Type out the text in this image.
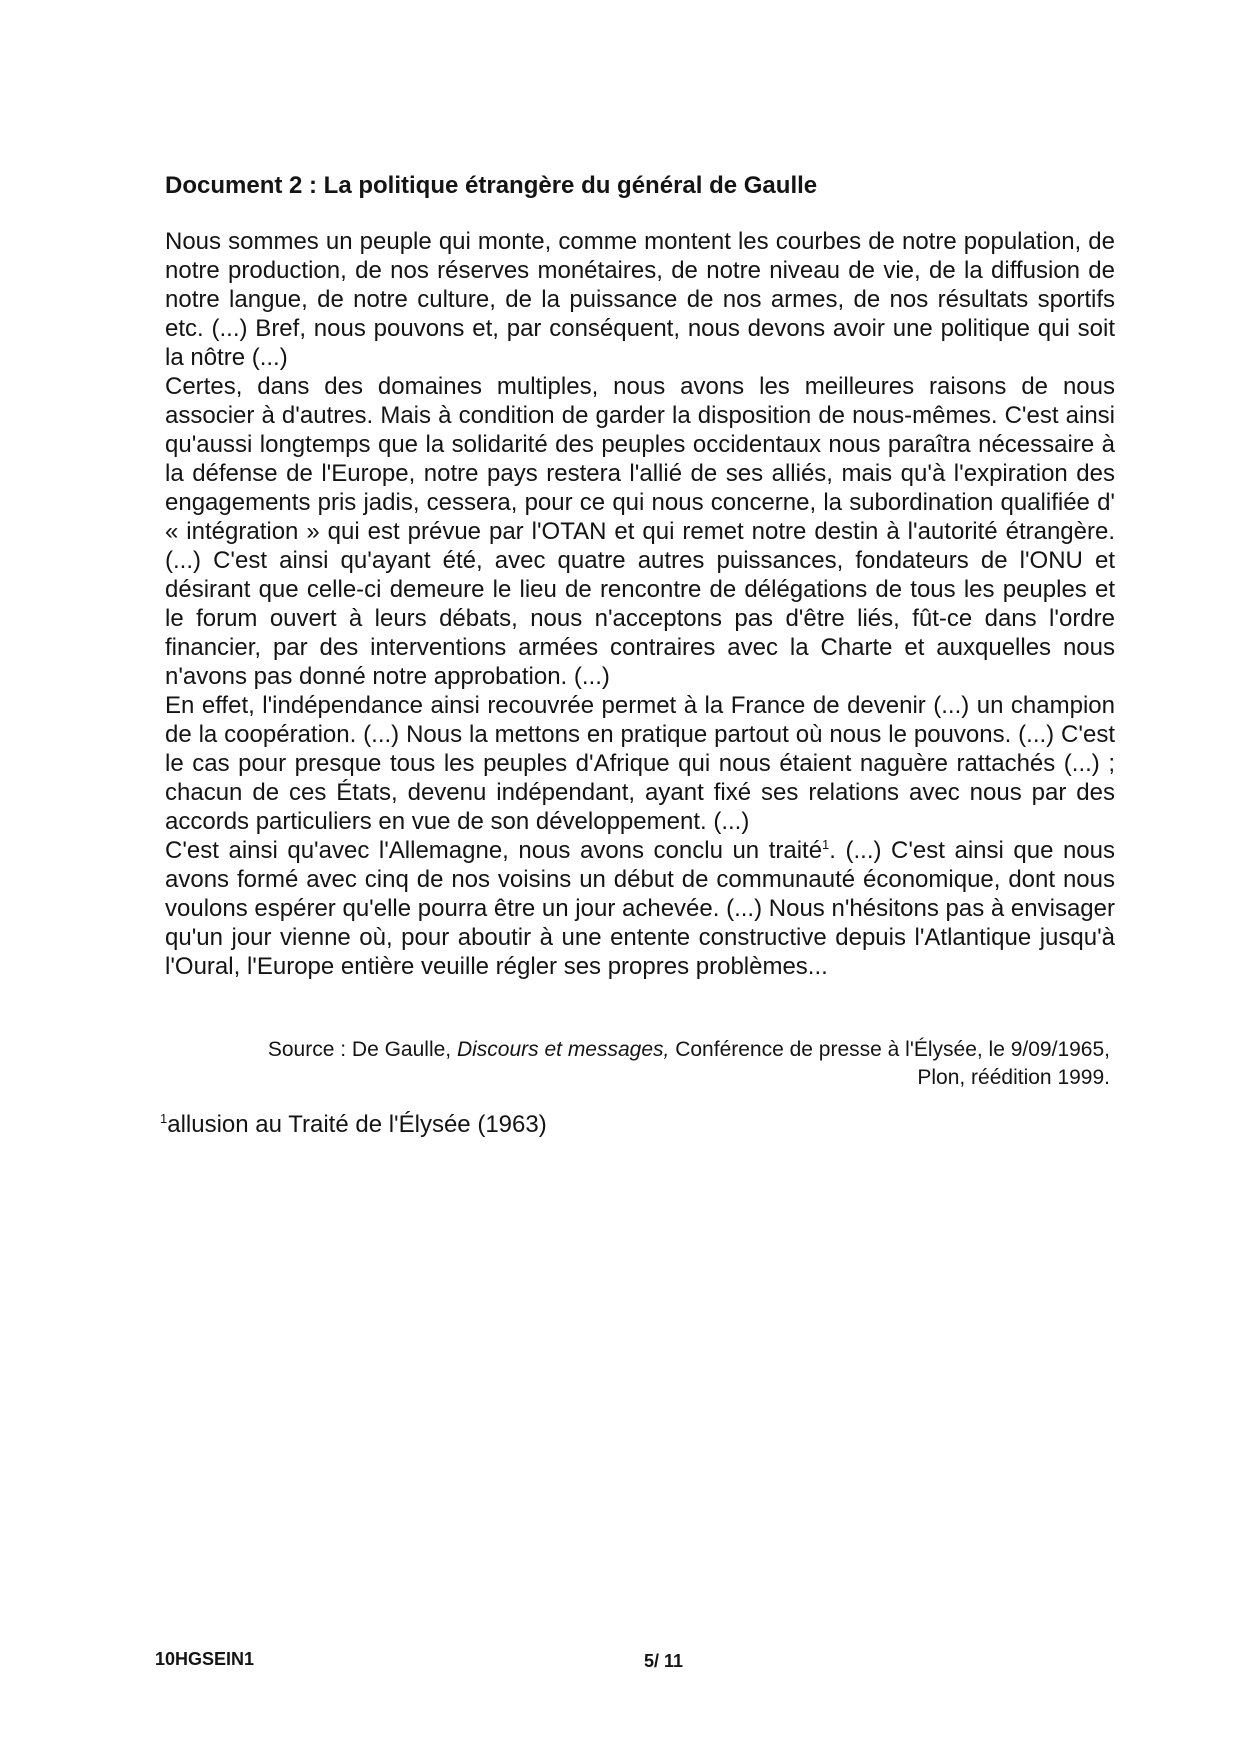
Document 2 : La politique étrangère du général de Gaulle

Nous sommes un peuple qui monte, comme montent les courbes de notre population, de notre production, de nos réserves monétaires, de notre niveau de vie, de la diffusion de notre langue, de notre culture, de la puissance de nos armes, de nos résultats sportifs etc. (...) Bref, nous pouvons et, par conséquent, nous devons avoir une politique qui soit la nôtre (...)

Certes, dans des domaines multiples, nous avons les meilleures raisons de nous associer à d'autres. Mais à condition de garder la disposition de nous-mêmes. C'est ainsi qu'aussi longtemps que la solidarité des peuples occidentaux nous paraîtra nécessaire à la défense de l'Europe, notre pays restera l'allié de ses alliés, mais qu'à l'expiration des engagements pris jadis, cessera, pour ce qui nous concerne, la subordination qualifiée d' « intégration » qui est prévue par l'OTAN et qui remet notre destin à l'autorité étrangère. (...) C'est ainsi qu'ayant été, avec quatre autres puissances, fondateurs de l'ONU et désirant que celle-ci demeure le lieu de rencontre de délégations de tous les peuples et le forum ouvert à leurs débats, nous n'acceptons pas d'être liés, fût-ce dans l'ordre financier, par des interventions armées contraires avec la Charte et auxquelles nous n'avons pas donné notre approbation. (...)

En effet, l'indépendance ainsi recouvrée permet à la France de devenir (...) un champion de la coopération. (...) Nous la mettons en pratique partout où nous le pouvons. (...) C'est le cas pour presque tous les peuples d'Afrique qui nous étaient naguère rattachés (...) ; chacun de ces États, devenu indépendant, ayant fixé ses relations avec nous par des accords particuliers en vue de son développement. (...)

C'est ainsi qu'avec l'Allemagne, nous avons conclu un traité$^1$. (...) C'est ainsi que nous avons formé avec cinq de nos voisins un début de communauté économique, dont nous voulons espérer qu'elle pourra être un jour achevée. (...) Nous n'hésitons pas à envisager qu'un jour vienne où, pour aboutir à une entente constructive depuis l'Atlantique jusqu'à l'Oural, l'Europe entière veuille régler ses propres problèmes...

Source : De Gaulle, Discours et messages, Conférence de presse à l'Élysée, le 9/09/1965,
Plon, réédition 1999.
$^1$allusion au Traité de l'Élysée (1963)
10HGSEIN1	5/ 11
